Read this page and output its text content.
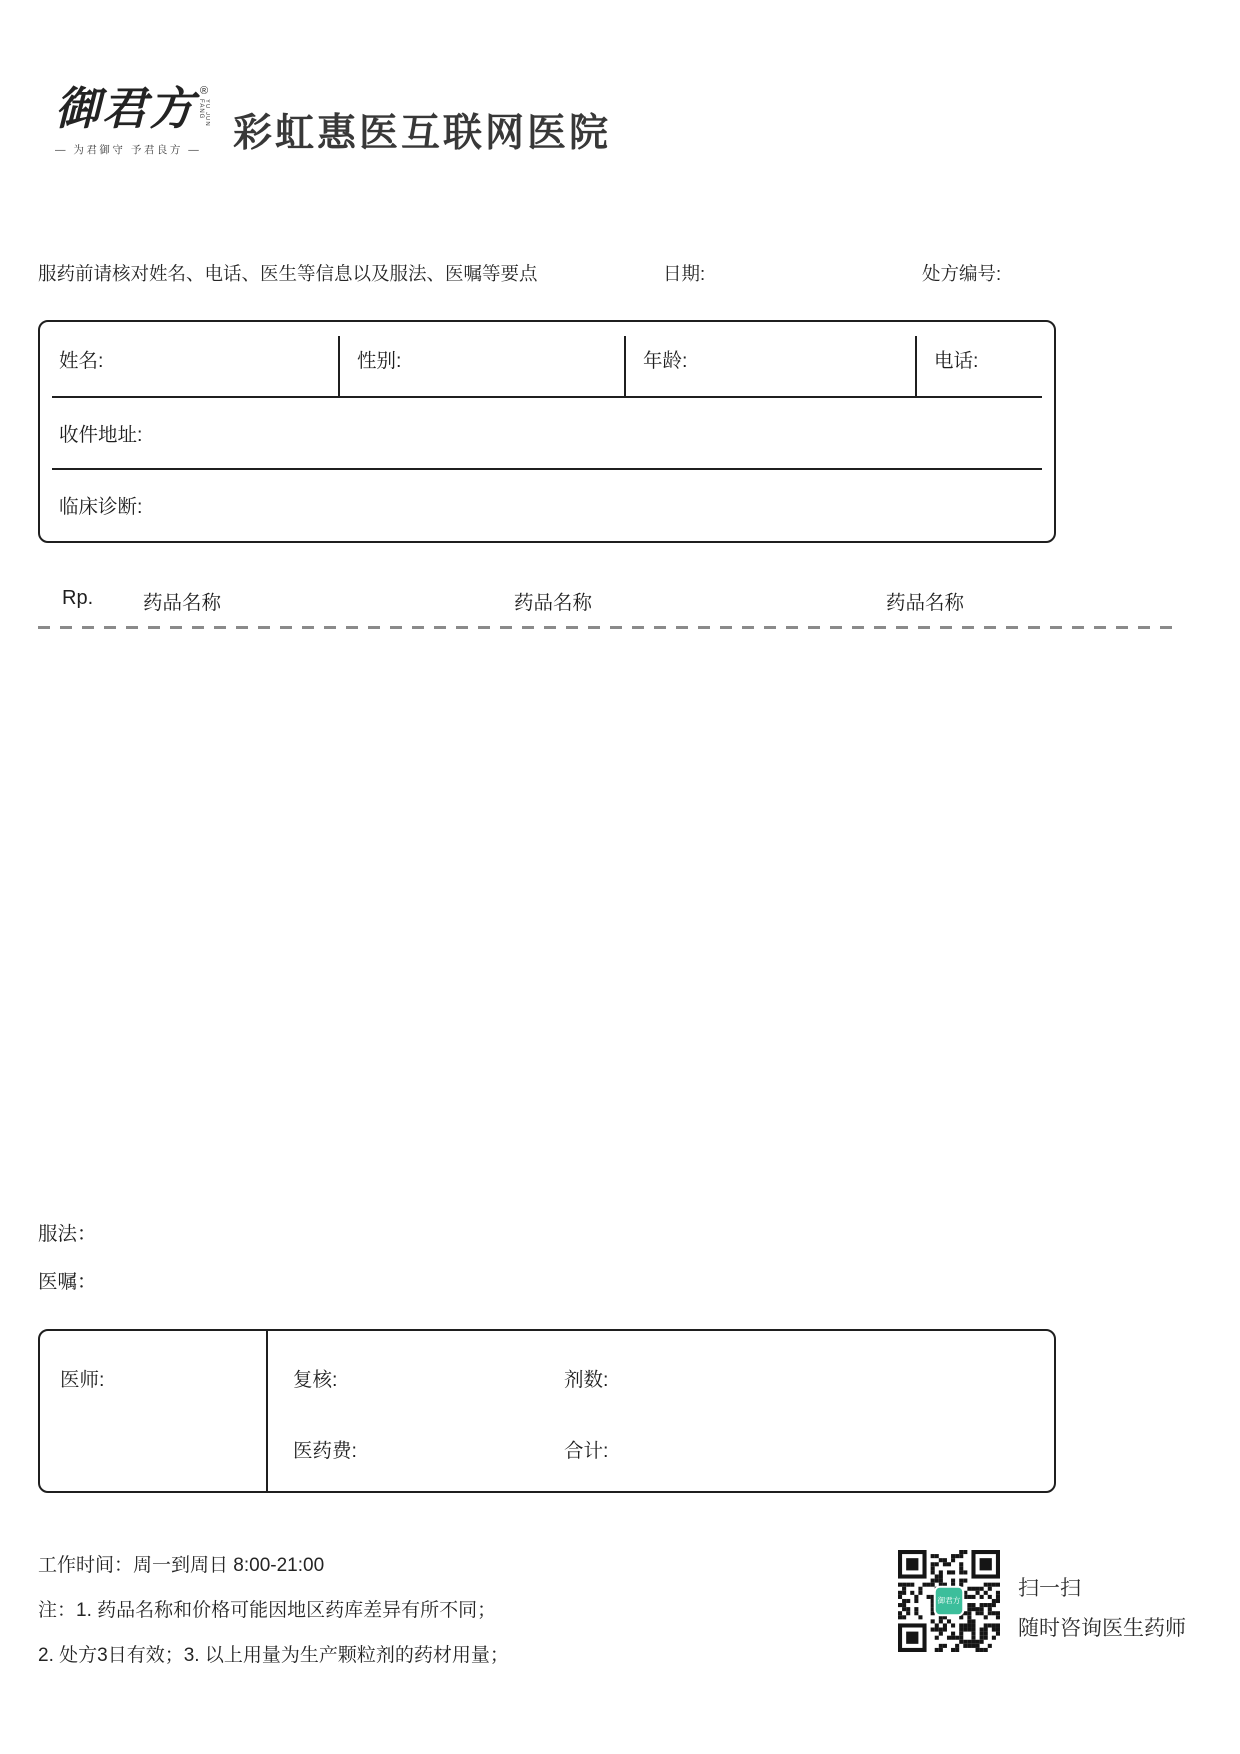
御君方 ®
YU JUN FANG
— 为君御守 予君良方 — 彩虹惠医互联网医院
服药前请核对姓名、电话、医生等信息以及服法、医嘱等要点	日期:	处方编号:
姓名:	性别:	年龄:	电话:
收件地址:
临床诊断:
Rp.	药品名称	药品名称	药品名称
服法：
医嘱：
医师:	复核:	剂数:
医药费:	合计:
工作时间：周一到周日 8:00-21:00
注：1. 药品名称和价格可能因地区药库差异有所不同；
2. 处方3日有效；3. 以上用量为生产颗粒剂的药材用量；
御君方
扫一扫
随时咨询医生药师
